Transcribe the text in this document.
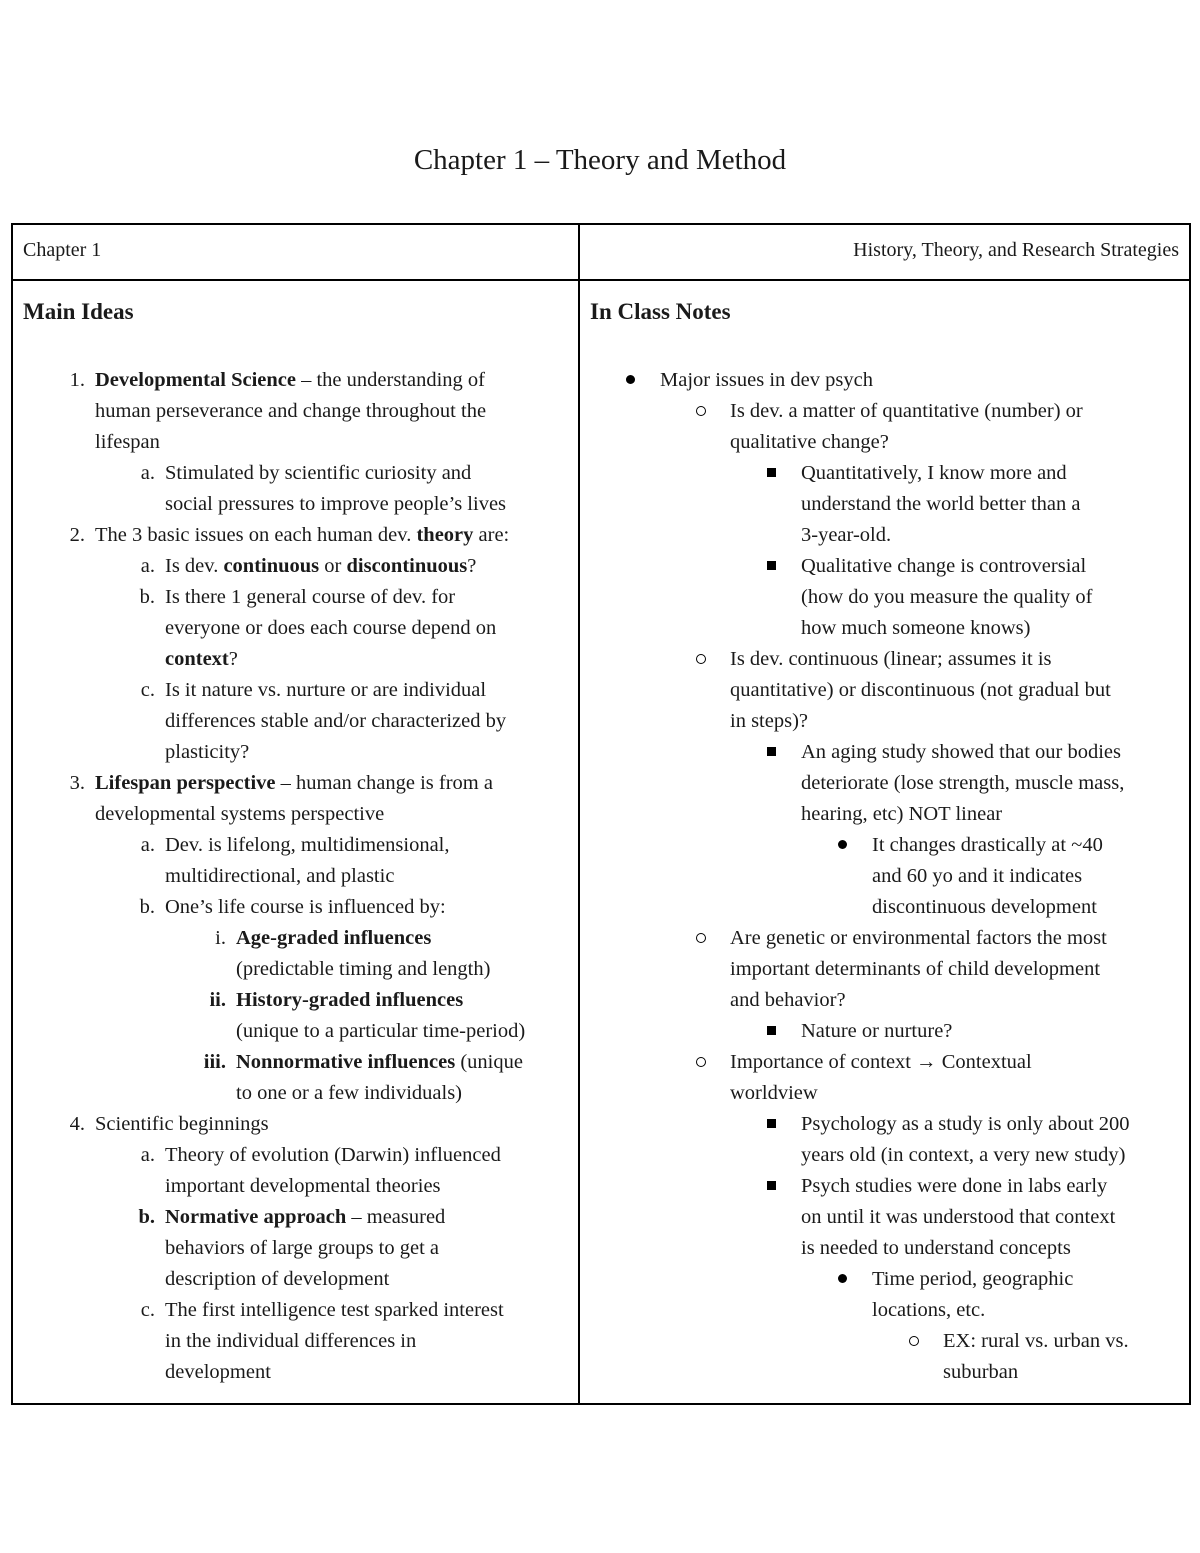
Chapter 1 – Theory and Method
Chapter 1	History, Theory, and Research Strategies
Main Ideas
1. Developmental Science – the understanding of
human perseverance and change throughout the
lifespan
a. Stimulated by scientific curiosity and
social pressures to improve people’s lives
2. The 3 basic issues on each human dev. theory are:
a. Is dev. continuous or discontinuous?
b. Is there 1 general course of dev. for
everyone or does each course depend on
context?
c. Is it nature vs. nurture or are individual
differences stable and/or characterized by
plasticity?
3. Lifespan perspective – human change is from a
developmental systems perspective
a. Dev. is lifelong, multidimensional,
multidirectional, and plastic
b. One’s life course is influenced by:
i. Age-graded influences
(predictable timing and length)
ii. History-graded influences
(unique to a particular time-period)
iii. Nonnormative influences (unique
to one or a few individuals)
4. Scientific beginnings
a. Theory of evolution (Darwin) influenced
important developmental theories
b. Normative approach – measured
behaviors of large groups to get a
description of development
c. The first intelligence test sparked interest
in the individual differences in
development
In Class Notes
Major issues in dev psych
Is dev. a matter of quantitative (number) or
qualitative change?
Quantitatively, I know more and
understand the world better than a
3-year-old.
Qualitative change is controversial
(how do you measure the quality of
how much someone knows)
Is dev. continuous (linear; assumes it is
quantitative) or discontinuous (not gradual but
in steps)?
An aging study showed that our bodies
deteriorate (lose strength, muscle mass,
hearing, etc) NOT linear
It changes drastically at ~40
and 60 yo and it indicates
discontinuous development
Are genetic or environmental factors the most
important determinants of child development
and behavior?
Nature or nurture?
Importance of context → Contextual
worldview
Psychology as a study is only about 200
years old (in context, a very new study)
Psych studies were done in labs early
on until it was understood that context
is needed to understand concepts
Time period, geographic
locations, etc.
EX: rural vs. urban vs.
suburban
